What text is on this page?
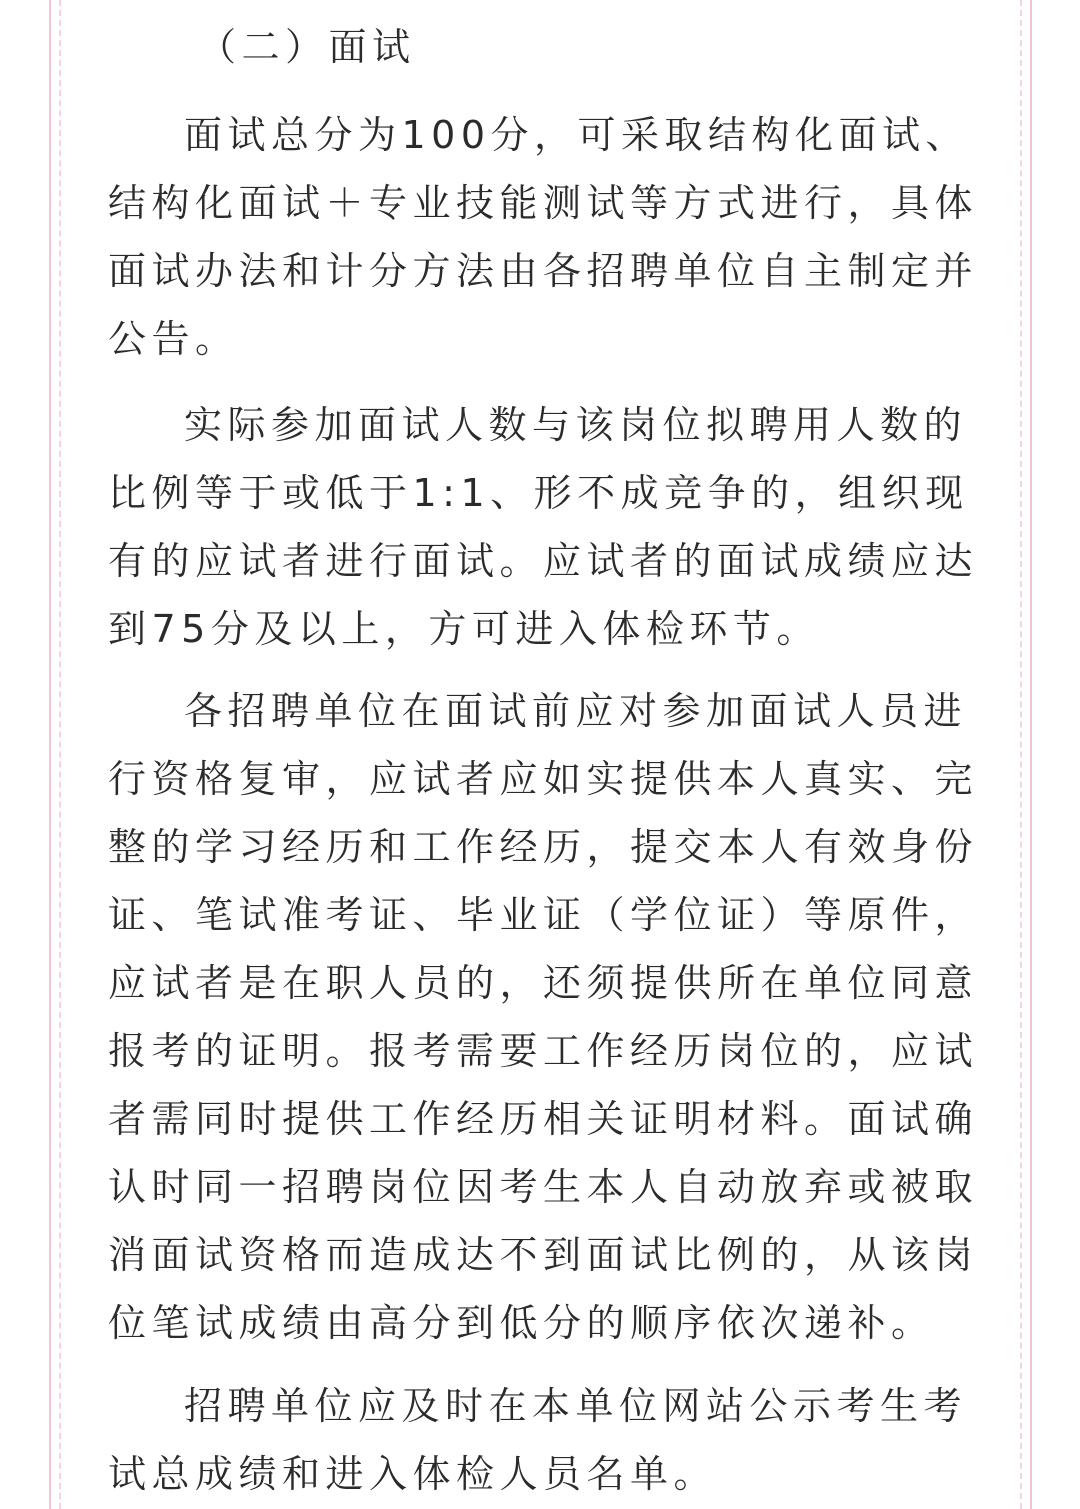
（二）面试

面试总分为100分，可采取结构化面试、
结构化面试＋专业技能测试等方式进行，具体
面试办法和计分方法由各招聘单位自主制定并
公告。

实际参加面试人数与该岗位拟聘用人数的
比例等于或低于1:1、形不成竞争的，组织现
有的应试者进行面试。应试者的面试成绩应达
到75分及以上，方可进入体检环节。

各招聘单位在面试前应对参加面试人员进
行资格复审，应试者应如实提供本人真实、完
整的学习经历和工作经历，提交本人有效身份
证、笔试准考证、毕业证（学位证）等原件，
应试者是在职人员的，还须提供所在单位同意
报考的证明。报考需要工作经历岗位的，应试
者需同时提供工作经历相关证明材料。面试确
认时同一招聘岗位因考生本人自动放弃或被取
消面试资格而造成达不到面试比例的，从该岗
位笔试成绩由高分到低分的顺序依次递补。

招聘单位应及时在本单位网站公示考生考
试总成绩和进入体检人员名单。
